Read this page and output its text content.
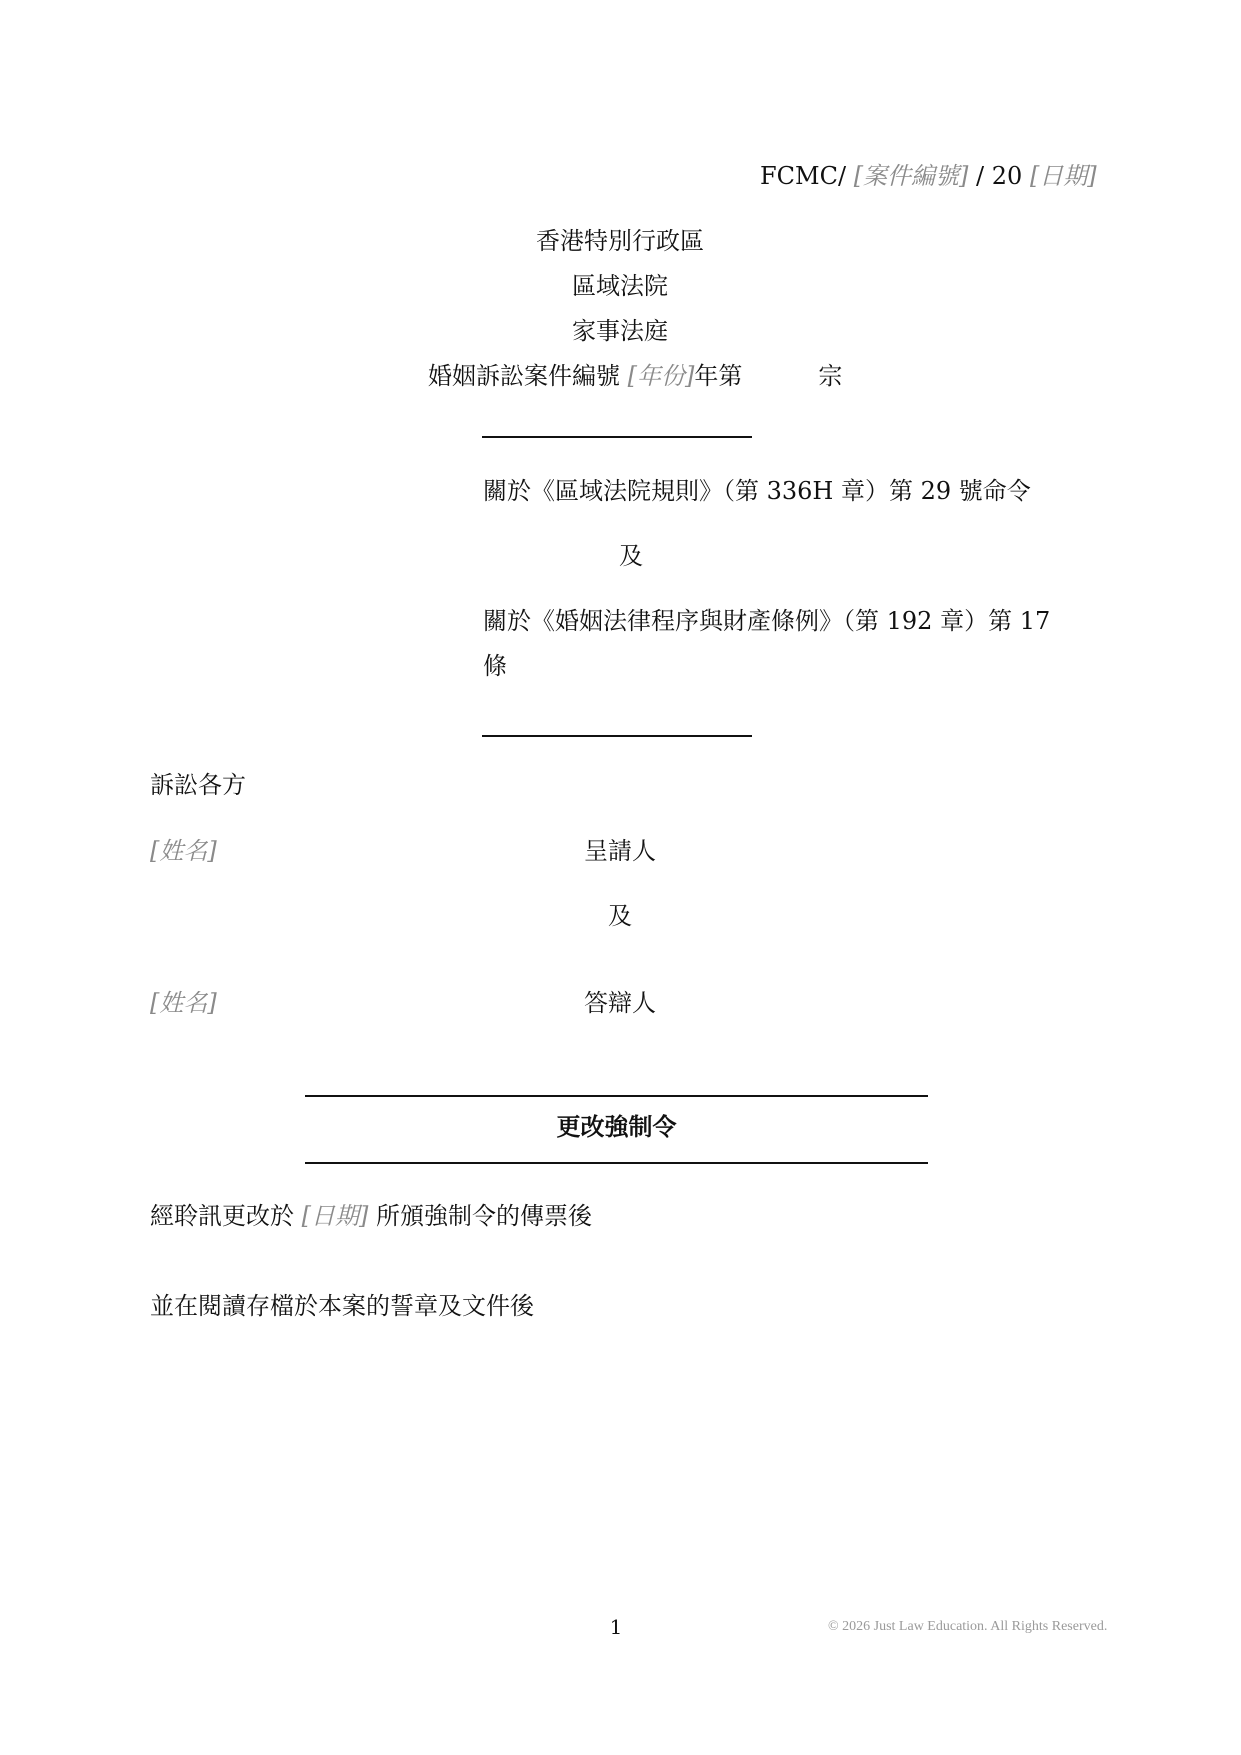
FCMC/ [案件編號] / 20 [日期]
香港特別行政區
區域法院
家事法庭
婚姻訴訟案件編號 [年份]年第	宗
關於《區域法院規則》（第 336H 章）第 29 號命令
及
關於《婚姻法律程序與財產條例》（第 192 章）第 17
條
訴訟各方
[姓名]	呈請人
及
[姓名]	答辯人
更改強制令
經聆訊更改於 [日期] 所頒強制令的傳票後
並在閱讀存檔於本案的誓章及文件後
1	© 2026 Just Law Education. All Rights Reserved.
